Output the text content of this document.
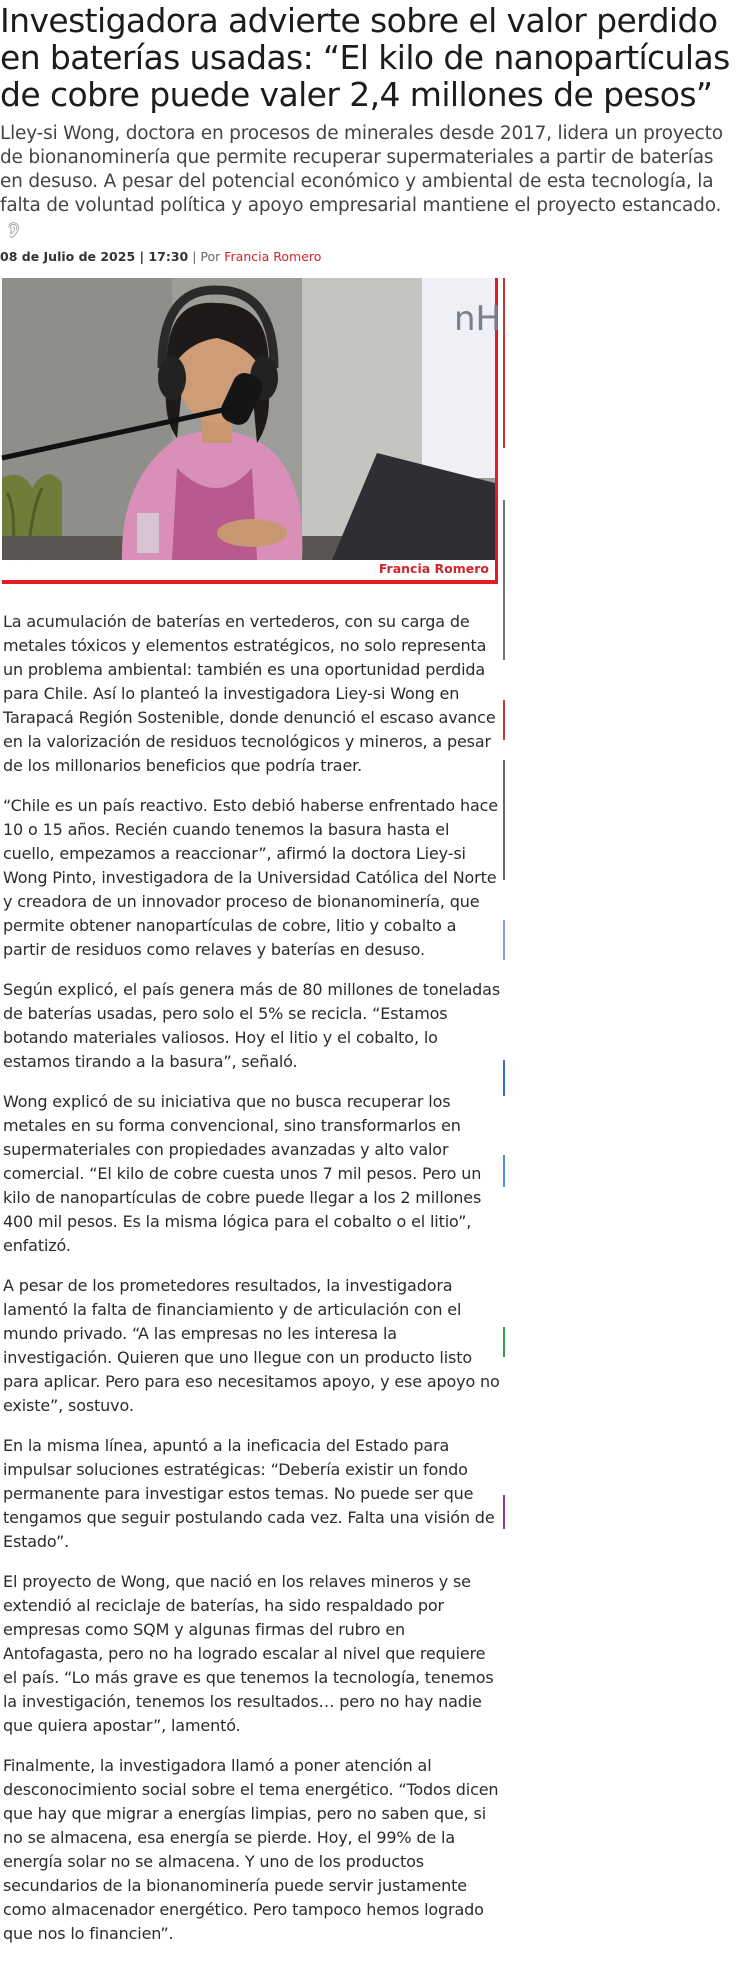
Investigadora advierte sobre el valor perdido en baterías usadas: “El kilo de nanopartículas de cobre puede valer 2,4 millones de pesos”

Lley-si Wong, doctora en procesos de minerales desde 2017, lidera un proyecto de bionanominería que permite recuperar supermateriales a partir de baterías en desuso. A pesar del potencial económico y ambiental de esta tecnología, la falta de voluntad política y apoyo empresarial mantiene el proyecto estancado.👂︎

08 de Julio de 2025 | 17:30 | Por Francia Romero
nH
Francia Romero

La acumulación de baterías en vertederos, con su carga de metales tóxicos y elementos estratégicos, no solo representa un problema ambiental: también es una oportunidad perdida para Chile. Así lo planteó la investigadora Liey-si Wong en Tarapacá Región Sostenible, donde denunció el escaso avance en la valorización de residuos tecnológicos y mineros, a pesar de los millonarios beneficios que podría traer.

“Chile es un país reactivo. Esto debió haberse enfrentado hace 10 o 15 años. Recién cuando tenemos la basura hasta el cuello, empezamos a reaccionar”, afirmó la doctora Liey-si Wong Pinto, investigadora de la Universidad Católica del Norte y creadora de un innovador proceso de bionanominería, que permite obtener nanopartículas de cobre, litio y cobalto a partir de residuos como relaves y baterías en desuso.

Según explicó, el país genera más de 80 millones de toneladas de baterías usadas, pero solo el 5% se recicla. “Estamos botando materiales valiosos. Hoy el litio y el cobalto, lo estamos tirando a la basura”, señaló.

Wong explicó de su iniciativa que no busca recuperar los metales en su forma convencional, sino transformarlos en supermateriales con propiedades avanzadas y alto valor comercial. “El kilo de cobre cuesta unos 7 mil pesos. Pero un kilo de nanopartículas de cobre puede llegar a los 2 millones 400 mil pesos. Es la misma lógica para el cobalto o el litio”, enfatizó.

A pesar de los prometedores resultados, la investigadora lamentó la falta de financiamiento y de articulación con el mundo privado. “A las empresas no les interesa la investigación. Quieren que uno llegue con un producto listo para aplicar. Pero para eso necesitamos apoyo, y ese apoyo no existe”, sostuvo.

En la misma línea, apuntó a la ineficacia del Estado para impulsar soluciones estratégicas: “Debería existir un fondo permanente para investigar estos temas. No puede ser que tengamos que seguir postulando cada vez. Falta una visión de Estado”.

El proyecto de Wong, que nació en los relaves mineros y se extendió al reciclaje de baterías, ha sido respaldado por empresas como SQM y algunas firmas del rubro en Antofagasta, pero no ha logrado escalar al nivel que requiere el país. “Lo más grave es que tenemos la tecnología, tenemos la investigación, tenemos los resultados… pero no hay nadie que quiera apostar”, lamentó.

Finalmente, la investigadora llamó a poner atención al desconocimiento social sobre el tema energético. “Todos dicen que hay que migrar a energías limpias, pero no saben que, si no se almacena, esa energía se pierde. Hoy, el 99% de la energía solar no se almacena. Y uno de los productos secundarios de la bionanominería puede servir justamente como almacenador energético. Pero tampoco hemos logrado que nos lo financien”.
